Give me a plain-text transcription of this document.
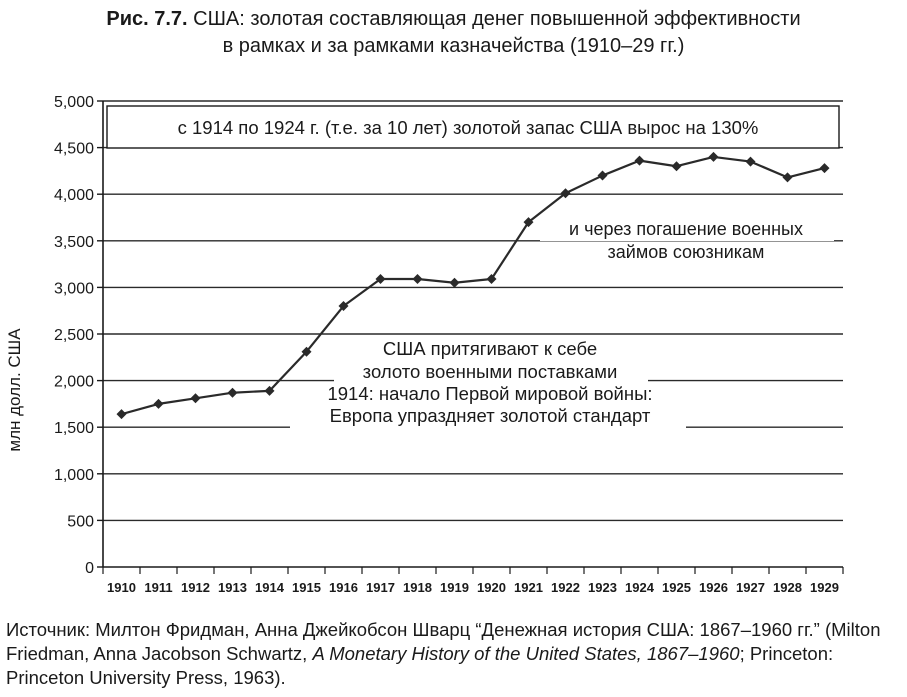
Рис. 7.7. США: золотая составляющая денег повышенной эффективности
в рамках и за рамками казначейства (1910–29 гг.)
0
500
1,000
1,500
2,000
2,500
3,000
3,500
4,000
4,500
5,000
1910 1911 1912 1913 1914 1915 1916 1917 1918 1919 1920 1921 1922 1923 1924 1925 1926 1927 1928 1929
с 1914 по 1924 г. (т.е. за 10 лет) золотой запас США вырос на 130%
и через погашение военных
займов союзникам
США притягивают к себе
золото военными поставками
1914: начало Первой мировой войны:
Европа упраздняет золотой стандарт
млн долл. США
Источник: Милтон Фридман, Анна Джейкобсон Шварц “Денежная история США: 1867–1960 гг.” (Milton Friedman, Anna Jacobson Schwartz, A Monetary History of the United States, 1867–1960; Princeton: Princeton University Press, 1963).
